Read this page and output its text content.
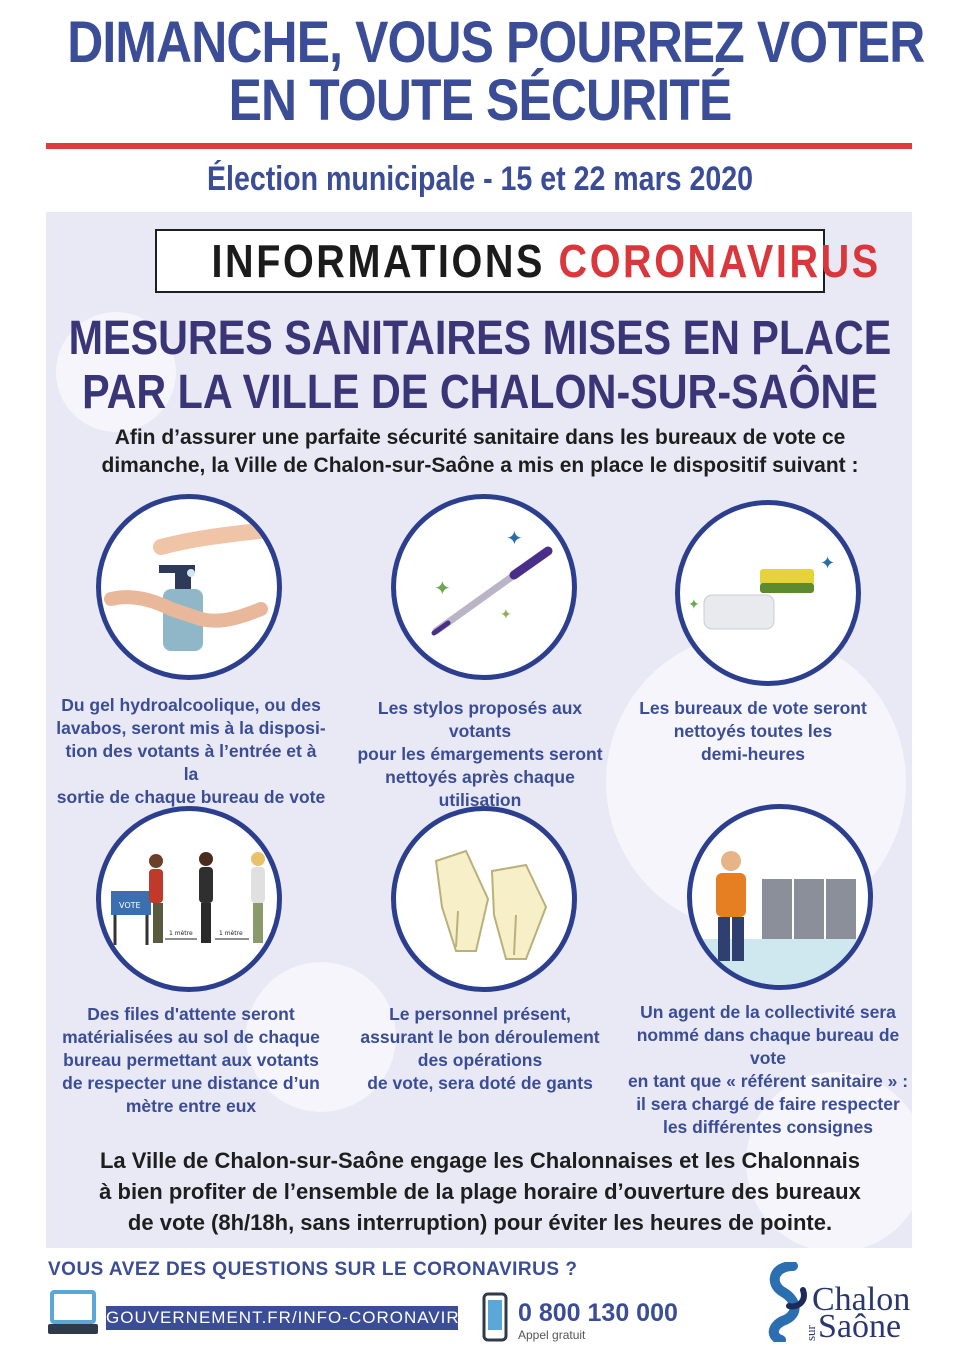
DIMANCHE, VOUS POURREZ VOTER
EN TOUTE SÉCURITÉ
Élection municipale - 15 et 22 mars 2020
INFORMATIONS CORONAVIRUS
MESURES SANITAIRES MISES EN PLACE
PAR LA VILLE DE CHALON-SUR-SAÔNE
Afin d’assurer une parfaite sécurité sanitaire dans les bureaux de vote ce
dimanche, la Ville de Chalon-sur-Saône a mis en place le dispositif suivant :
✦
✦
✦
✦
✦
VOTE
1 mètre	1 mètre
✦
Du gel hydroalcoolique, ou des
lavabos, seront mis à la disposi-
tion des votants à l’entrée et à la
sortie de chaque bureau de vote
Les stylos proposés aux votants
pour les émargements seront
nettoyés après chaque
utilisation
Les bureaux de vote seront
nettoyés toutes les
demi-heures
Des files d'attente seront
matérialisées au sol de chaque
bureau permettant aux votants
de respecter une distance d’un
mètre entre eux
Le personnel présent,
assurant le bon déroulement
des opérations
de vote, sera doté de gants
Un agent de la collectivité sera
nommé dans chaque bureau de vote
en tant que « référent sanitaire » :
il sera chargé de faire respecter
les différentes consignes
La Ville de Chalon-sur-Saône engage les Chalonnaises et les Chalonnais
à bien profiter de l’ensemble de la plage horaire d’ouverture des bureaux
de vote (8h/18h, sans interruption) pour éviter les heures de pointe.
VOUS AVEZ DES QUESTIONS SUR LE CORONAVIRUS ?
GOUVERNEMENT.FR/INFO-CORONAVIRUS 0 800 130 000
Appel gratuit
Chalon
sur Saône
